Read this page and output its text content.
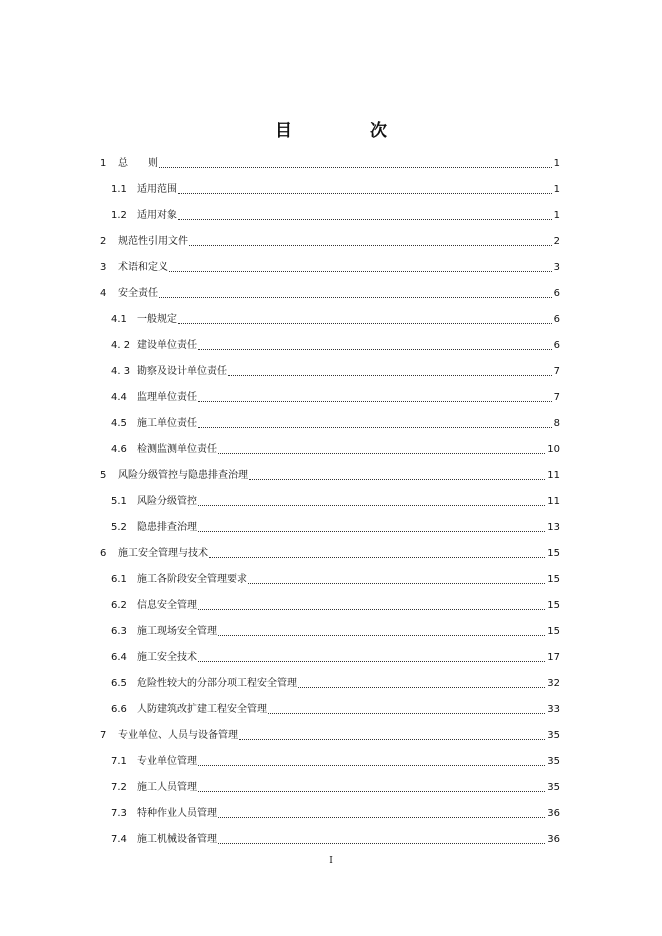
目 次
1	总　　则	1
1.1	适用范围	1
1.2	适用对象	1
2	规范性引用文件	2
3	术语和定义	3
4	安全责任	6
4.1	一般规定	6
4. 2 建设单位责任	6
4. 3 勘察及设计单位责任	7
4.4	监理单位责任	7
4.5	施工单位责任	8
4.6	检测监测单位责任	10
5	风险分级管控与隐患排查治理	11
5.1	风险分级管控	11
5.2	隐患排查治理	13
6	施工安全管理与技术	15
6.1	施工各阶段安全管理要求	15
6.2	信息安全管理	15
6.3	施工现场安全管理	15
6.4	施工安全技术	17
6.5	危险性较大的分部分项工程安全管理	32
6.6	人防建筑改扩建工程安全管理	33
7	专业单位、人员与设备管理	35
7.1	专业单位管理	35
7.2	施工人员管理	35
7.3	特种作业人员管理	36
7.4	施工机械设备管理	36
I
